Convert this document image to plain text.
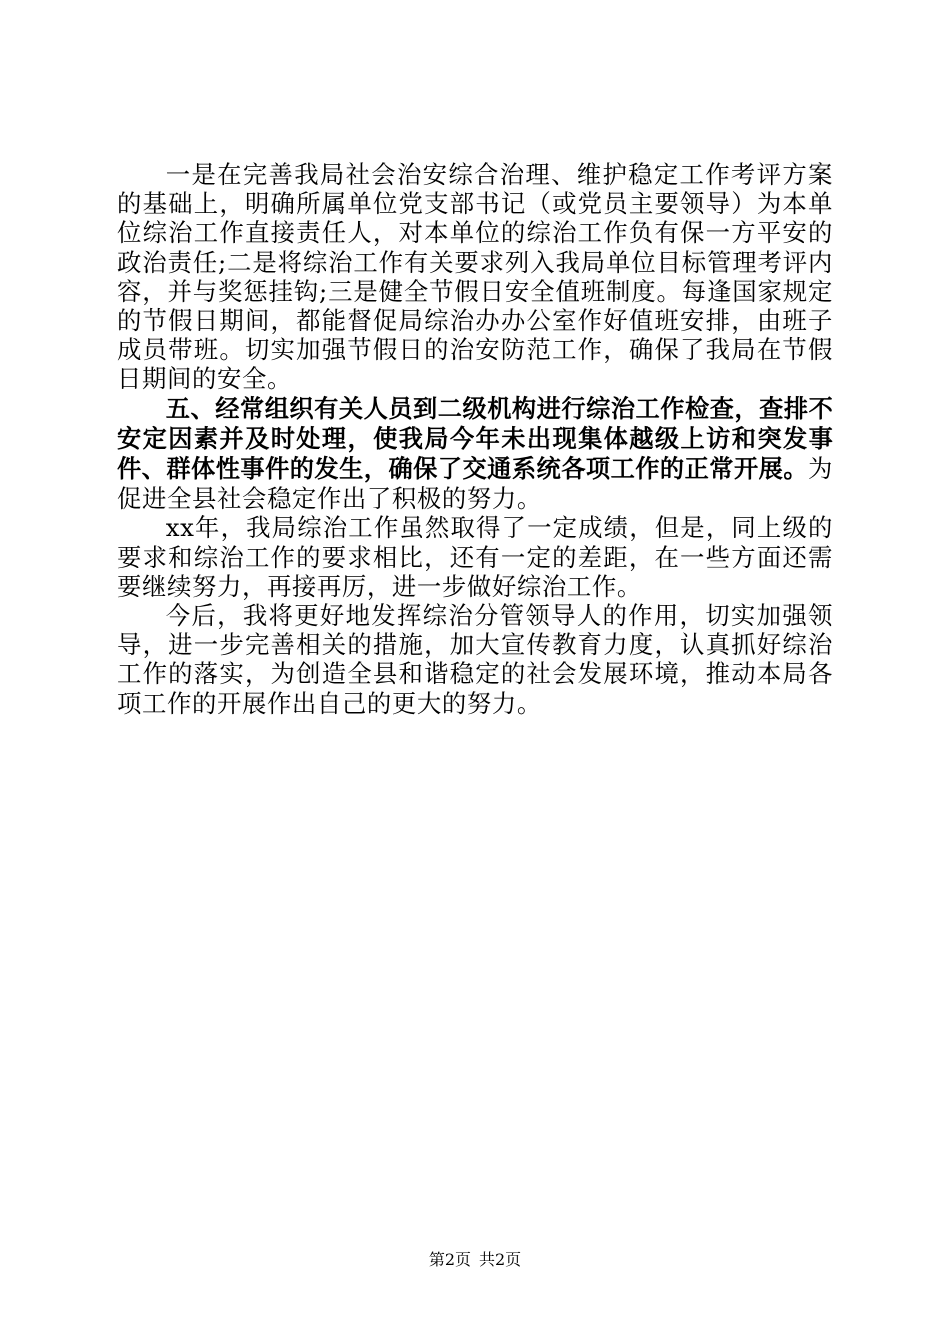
一是在完善我局社会治安综合治理、维护稳定工作考评方案的基础上，明确所属单位党支部书记（或党员主要领导）为本单位综治工作直接责任人，对本单位的综治工作负有保一方平安的政治责任;二是将综治工作有关要求列入我局单位目标管理考评内容，并与奖惩挂钩;三是健全节假日安全值班制度。每逢国家规定的节假日期间，都能督促局综治办办公室作好值班安排，由班子成员带班。切实加强节假日的治安防范工作，确保了我局在节假日期间的安全。

五、经常组织有关人员到二级机构进行综治工作检查，查排不安定因素并及时处理，使我局今年未出现集体越级上访和突发事件、群体性事件的发生，确保了交通系统各项工作的正常开展。为促进全县社会稳定作出了积极的努力。

xx年，我局综治工作虽然取得了一定成绩，但是，同上级的要求和综治工作的要求相比，还有一定的差距，在一些方面还需要继续努力，再接再厉，进一步做好综治工作。

今后，我将更好地发挥综治分管领导人的作用，切实加强领导，进一步完善相关的措施，加大宣传教育力度，认真抓好综治工作的落实，为创造全县和谐稳定的社会发展环境，推动本局各项工作的开展作出自己的更大的努力。

第2页 共2页
